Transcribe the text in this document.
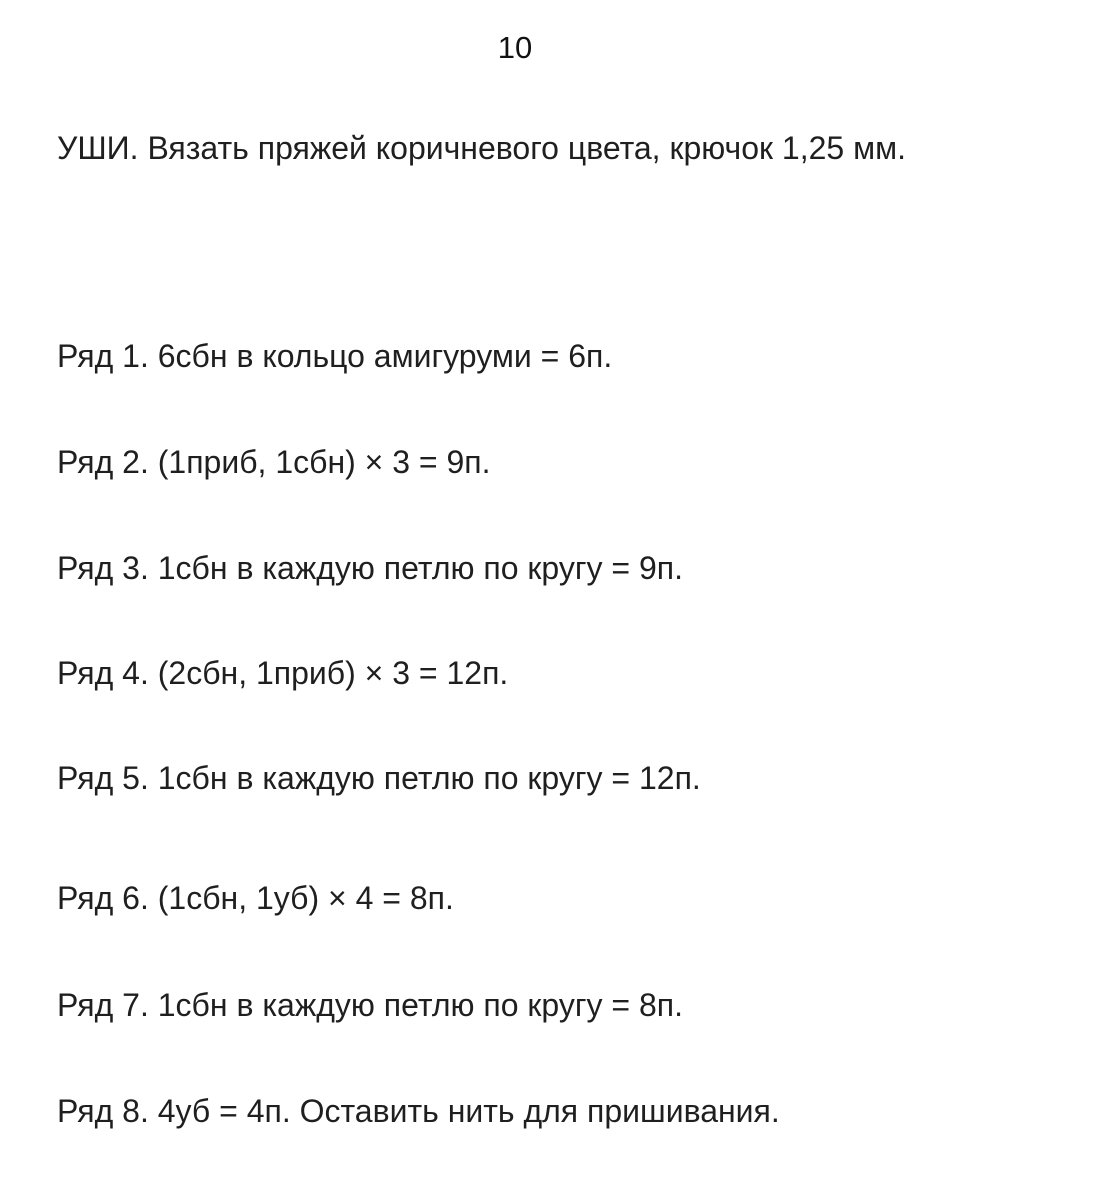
10
УШИ. Вязать пряжей коричневого цвета, крючок 1,25 мм.
Ряд 1. 6сбн в кольцо амигуруми = 6п.
Ряд 2. (1приб, 1сбн) × 3 = 9п.
Ряд 3. 1сбн в каждую петлю по кругу = 9п.
Ряд 4. (2сбн, 1приб) × 3 = 12п.
Ряд 5. 1сбн в каждую петлю по кругу = 12п.
Ряд 6. (1сбн, 1уб) × 4 = 8п.
Ряд 7. 1сбн в каждую петлю по кругу = 8п.
Ряд 8. 4уб = 4п. Оставить нить для пришивания.
